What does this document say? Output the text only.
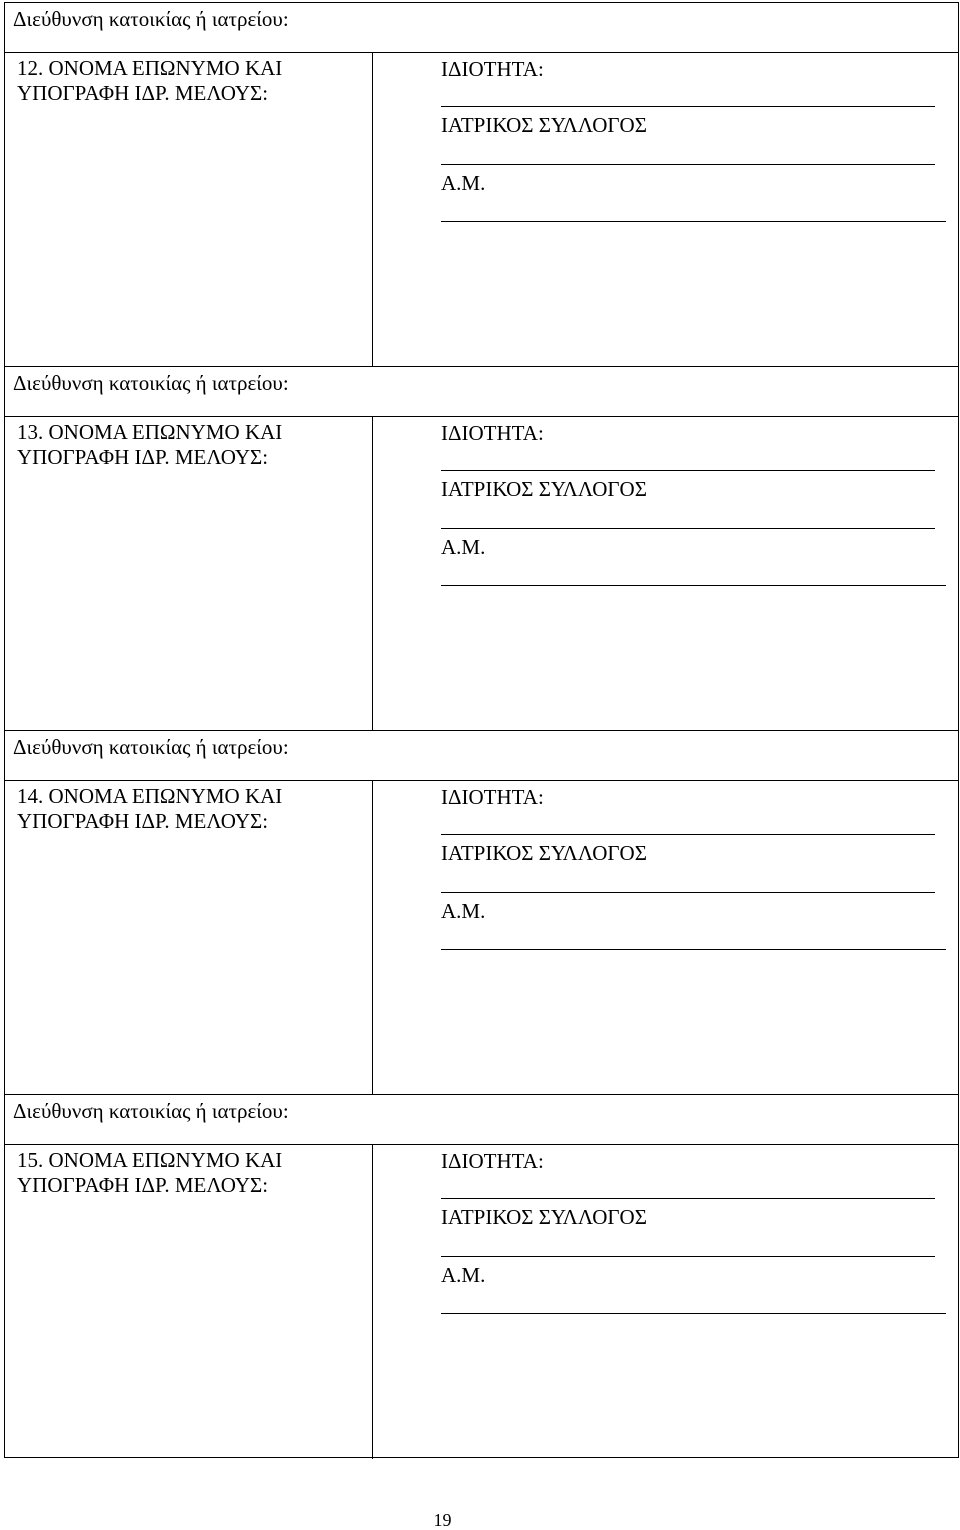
Διεύθυνση κατοικίας ή ιατρείου:
12. ΟΝΟΜΑ ΕΠΩΝΥΜΟ ΚΑΙ
ΥΠΟΓΡΑΦΗ ΙΔΡ. ΜΕΛΟΥΣ:
ΙΔΙΟΤΗΤΑ:
ΙΑΤΡΙΚΟΣ ΣΥΛΛΟΓΟΣ
Α.Μ.
Διεύθυνση κατοικίας ή ιατρείου:
13. ΟΝΟΜΑ ΕΠΩΝΥΜΟ ΚΑΙ
ΥΠΟΓΡΑΦΗ ΙΔΡ. ΜΕΛΟΥΣ:
ΙΔΙΟΤΗΤΑ:
ΙΑΤΡΙΚΟΣ ΣΥΛΛΟΓΟΣ
Α.Μ.
Διεύθυνση κατοικίας ή ιατρείου:
14. ΟΝΟΜΑ ΕΠΩΝΥΜΟ ΚΑΙ
ΥΠΟΓΡΑΦΗ ΙΔΡ. ΜΕΛΟΥΣ:
ΙΔΙΟΤΗΤΑ:
ΙΑΤΡΙΚΟΣ ΣΥΛΛΟΓΟΣ
Α.Μ.
Διεύθυνση κατοικίας ή ιατρείου:
15. ΟΝΟΜΑ ΕΠΩΝΥΜΟ ΚΑΙ
ΥΠΟΓΡΑΦΗ ΙΔΡ. ΜΕΛΟΥΣ:
ΙΔΙΟΤΗΤΑ:
ΙΑΤΡΙΚΟΣ ΣΥΛΛΟΓΟΣ
Α.Μ.
19
